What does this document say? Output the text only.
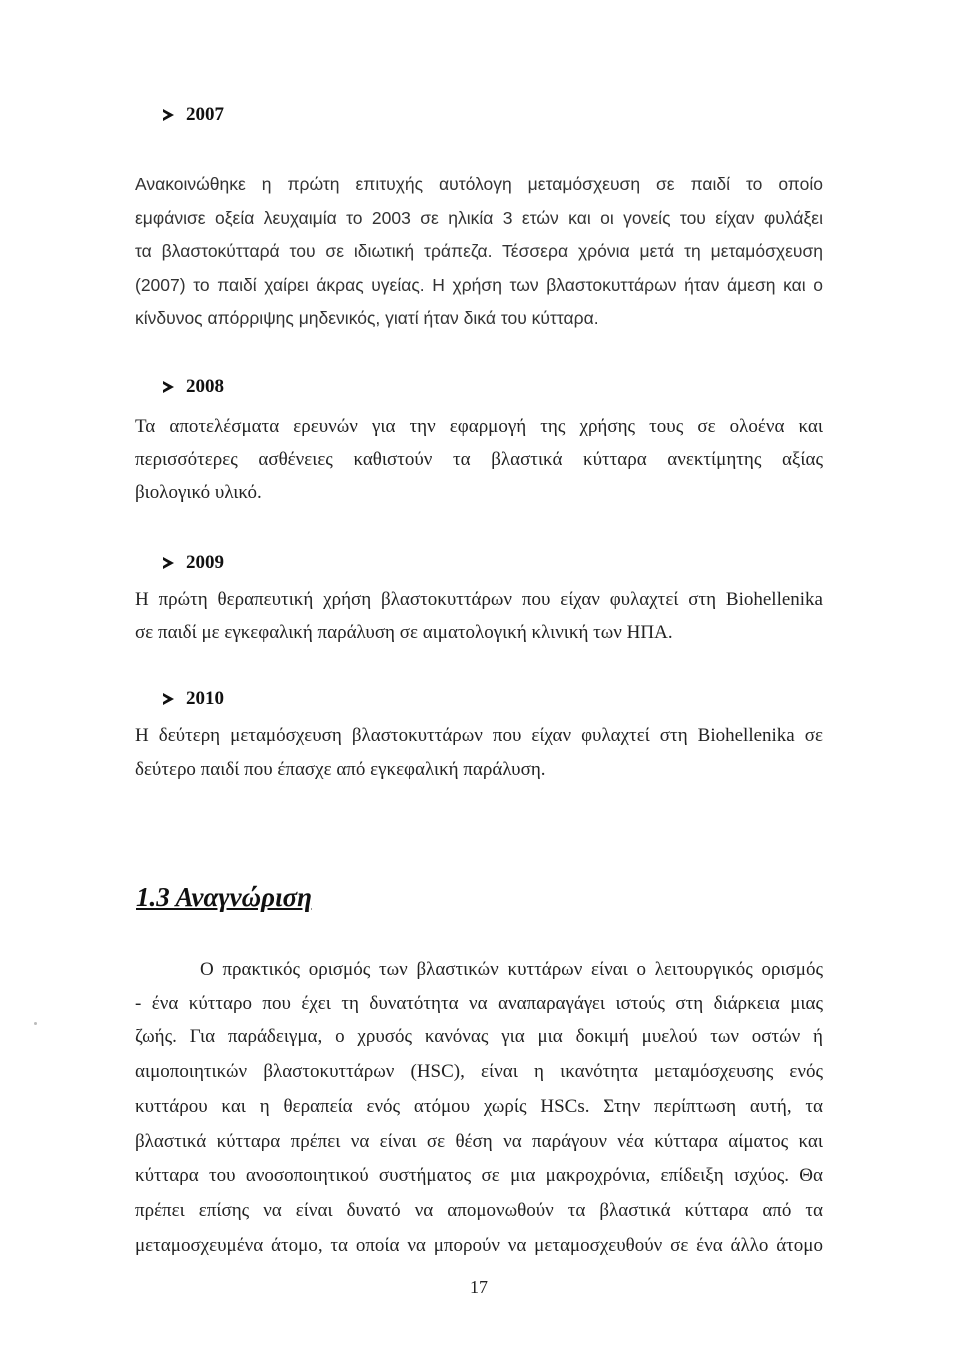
2007
Ανακοινώθηκε η πρώτη επιτυχής αυτόλογη μεταμόσχευση σε παιδί το οποίο
εμφάνισε οξεία λευχαιμία το 2003 σε ηλικία 3 ετών και οι γονείς του είχαν φυλάξει
τα βλαστοκύτταρά του σε ιδιωτική τράπεζα. Τέσσερα χρόνια μετά τη μεταμόσχευση
(2007) το παιδί χαίρει άκρας υγείας. Η χρήση των βλαστοκυττάρων ήταν άμεση και ο
κίνδυνος απόρριψης μηδενικός, γιατί ήταν δικά του κύτταρα.
2008
Τα αποτελέσματα ερευνών για την εφαρμογή της χρήσης τους σε ολοένα και
περισσότερες ασθένειες καθιστούν τα βλαστικά κύτταρα ανεκτίμητης αξίας
βιολογικό υλικό.
2009
Η πρώτη θεραπευτική χρήση βλαστοκυττάρων που είχαν φυλαχτεί στη Biohellenika
σε παιδί με εγκεφαλική παράλυση σε αιματολογική κλινική των ΗΠΑ.
2010
Η δεύτερη μεταμόσχευση βλαστοκυττάρων που είχαν φυλαχτεί στη Biohellenika σε
δεύτερο παιδί που έπασχε από εγκεφαλική παράλυση.
1.3 Αναγνώριση
Ο πρακτικός ορισμός των βλαστικών κυττάρων είναι ο λειτουργικός ορισμός
- ένα κύτταρο που έχει τη δυνατότητα να αναπαραγάγει ιστούς στη διάρκεια μιας
ζωής. Για παράδειγμα, ο χρυσός κανόνας για μια δοκιμή μυελού των οστών ή
αιμοποιητικών βλαστοκυττάρων (HSC), είναι η ικανότητα μεταμόσχευσης ενός
κυττάρου και η θεραπεία ενός ατόμου χωρίς HSCs. Στην περίπτωση αυτή, τα
βλαστικά κύτταρα πρέπει να είναι σε θέση να παράγουν νέα κύτταρα αίματος και
κύτταρα του ανοσοποιητικού συστήματος σε μια μακροχρόνια, επίδειξη ισχύος. Θα
πρέπει επίσης να είναι δυνατό να απομονωθούν τα βλαστικά κύτταρα από τα
μεταμοσχευμένα άτομο, τα οποία να μπορούν να μεταμοσχευθούν σε ένα άλλο άτομο
17
